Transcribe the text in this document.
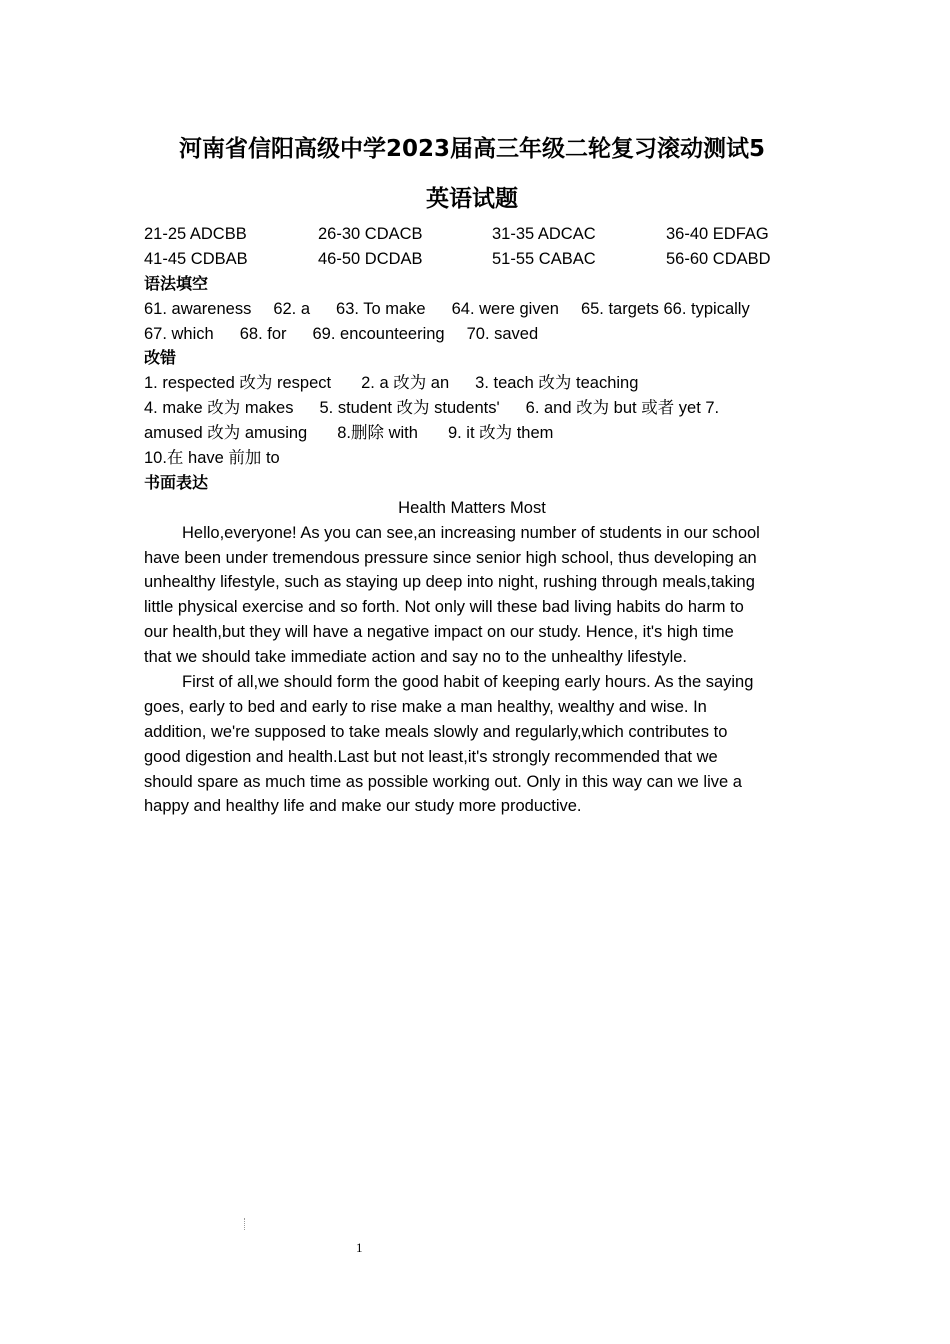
河南省信阳高级中学2023届高三年级二轮复习滚动测试5
英语试题
21-25 ADCBB	26-30 CDACB	31-35 ADCAC	36-40 EDFAG
41-45 CDBAB	46-50 DCDAB	51-55 CABAC	56-60 CDABD
语法填空
61. awareness 62. a 63. To make 64. were given 65. targets 66. typically
67. which 68. for 69. encounteering 70. saved
改错
1. respected 改为 respect 2. a 改为 an 3. teach 改为 teaching
4. make 改为 makes 5. student 改为 students' 6. and 改为 but 或者 yet 7.
amused 改为 amusing 8.删除 with 9. it 改为 them
10.在 have 前加 to
书面表达
Health Matters Most
Hello,everyone! As you can see,an increasing number of students in our school
have been under tremendous pressure since senior high school, thus developing an
unhealthy lifestyle, such as staying up deep into night, rushing through meals,taking
little physical exercise and so forth. Not only will these bad living habits do harm to
our health,but they will have a negative impact on our study. Hence, it's high time
that we should take immediate action and say no to the unhealthy lifestyle.
First of all,we should form the good habit of keeping early hours. As the saying
goes, early to bed and early to rise make a man healthy, wealthy and wise. In
addition, we're supposed to take meals slowly and regularly,which contributes to
good digestion and health.Last but not least,it's strongly recommended that we
should spare as much time as possible working out. Only in this way can we live a
happy and healthy life and make our study more productive.
1
